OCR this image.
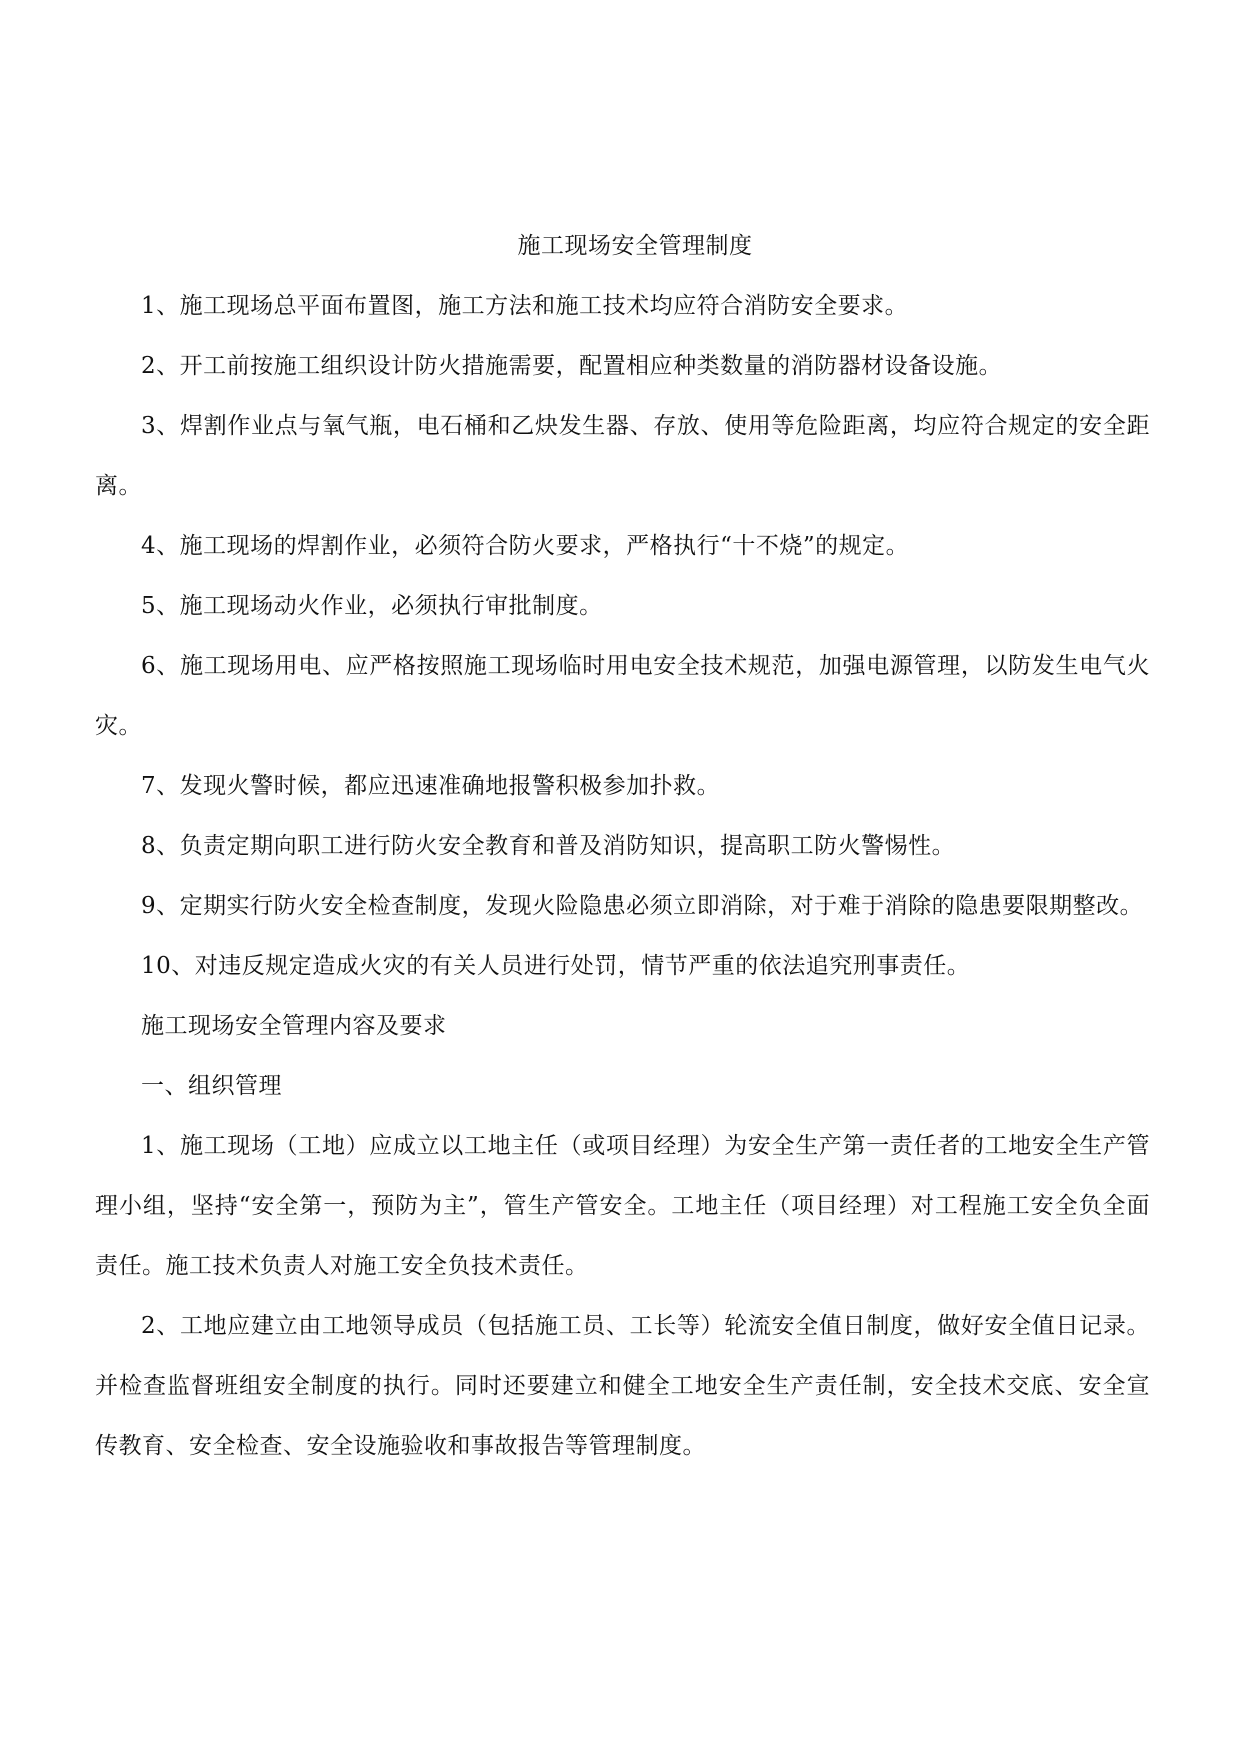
施工现场安全管理制度

1、施工现场总平面布置图，施工方法和施工技术均应符合消防安全要求。

2、开工前按施工组织设计防火措施需要，配置相应种类数量的消防器材设备设施。

3、焊割作业点与氧气瓶，电石桶和乙炔发生器、存放、使用等危险距离，均应符合规定的安全距离。

4、施工现场的焊割作业，必须符合防火要求，严格执行“十不烧”的规定。

5、施工现场动火作业，必须执行审批制度。

6、施工现场用电、应严格按照施工现场临时用电安全技术规范，加强电源管理，以防发生电气火灾。

7、发现火警时候，都应迅速准确地报警积极参加扑救。

8、负责定期向职工进行防火安全教育和普及消防知识，提高职工防火警惕性。

9、定期实行防火安全检查制度，发现火险隐患必须立即消除，对于难于消除的隐患要限期整改。

10、对违反规定造成火灾的有关人员进行处罚，情节严重的依法追究刑事责任。

施工现场安全管理内容及要求

一、组织管理

1、施工现场（工地）应成立以工地主任（或项目经理）为安全生产第一责任者的工地安全生产管理小组，坚持“安全第一，预防为主”，管生产管安全。工地主任（项目经理）对工程施工安全负全面责任。施工技术负责人对施工安全负技术责任。

2、工地应建立由工地领导成员（包括施工员、工长等）轮流安全值日制度，做好安全值日记录。并检查监督班组安全制度的执行。同时还要建立和健全工地安全生产责任制，安全技术交底、安全宣传教育、安全检查、安全设施验收和事故报告等管理制度。
